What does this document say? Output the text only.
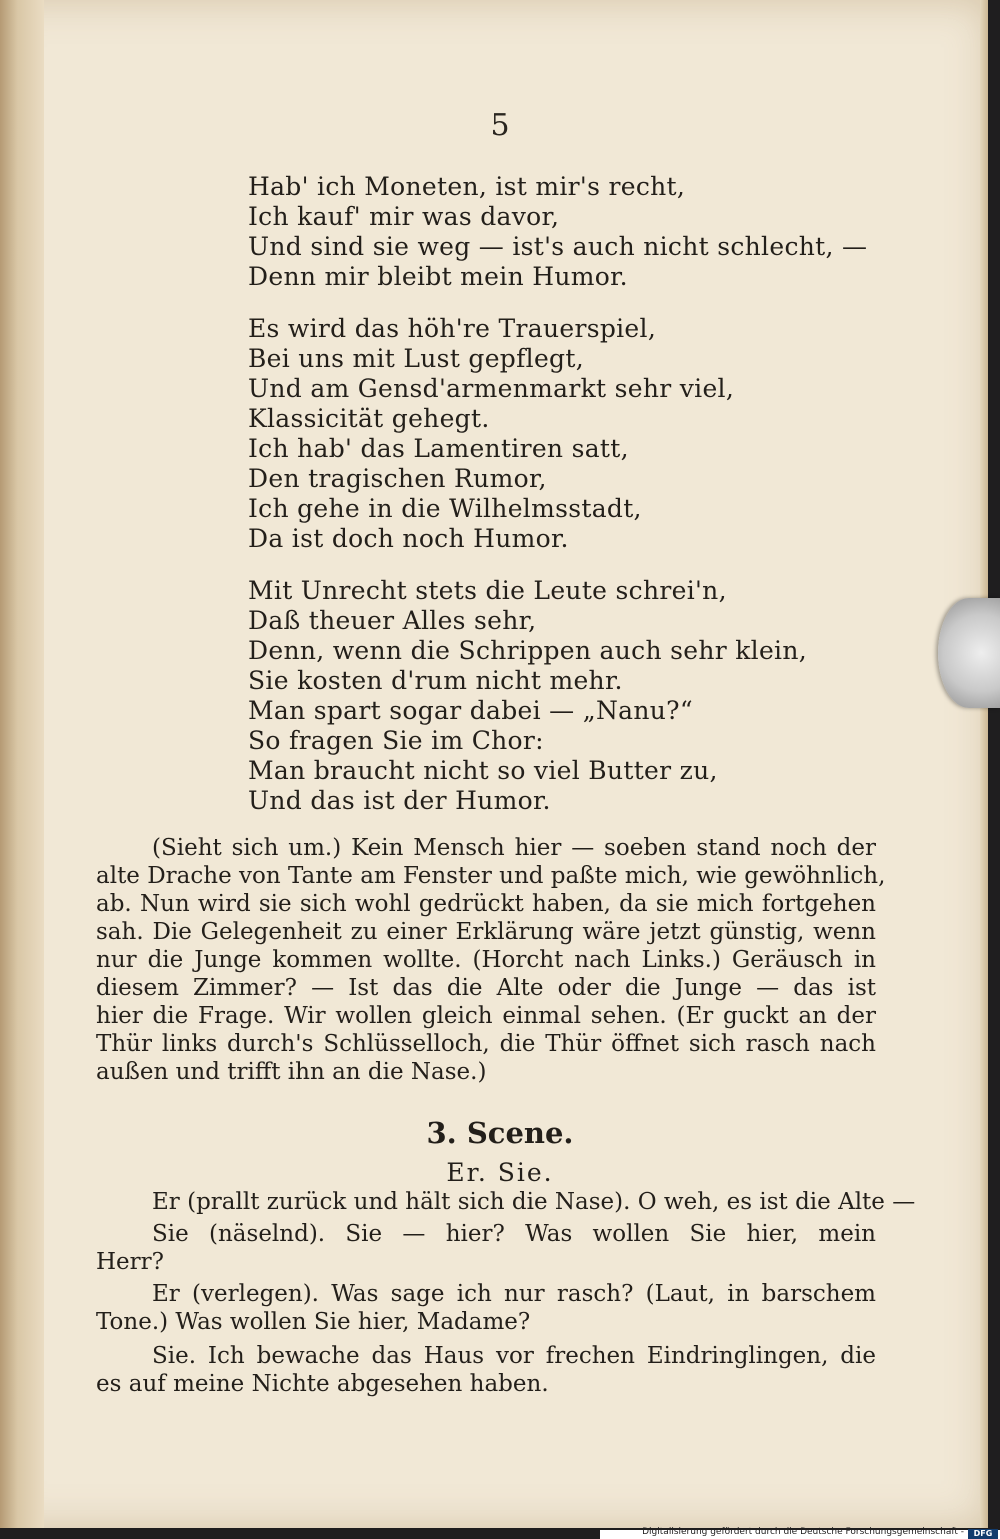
5
Hab' ich Moneten, ist mir's recht,
Ich kauf' mir was davor,
Und sind sie weg — ist's auch nicht schlecht, —
Denn mir bleibt mein Humor.
Es wird das höh're Trauerspiel,
Bei uns mit Lust gepflegt,
Und am Gensd'armenmarkt sehr viel,
Klassicität gehegt.
Ich hab' das Lamentiren satt,
Den tragischen Rumor,
Ich gehe in die Wilhelmsstadt,
Da ist doch noch Humor.
Mit Unrecht stets die Leute schrei'n,
Daß theuer Alles sehr,
Denn, wenn die Schrippen auch sehr klein,
Sie kosten d'rum nicht mehr.
Man spart sogar dabei — „Nanu?“
So fragen Sie im Chor:
Man braucht nicht so viel Butter zu,
Und das ist der Humor.
(Sieht sich um.) Kein Mensch hier — soeben stand noch der
alte Drache von Tante am Fenster und paßte mich, wie gewöhnlich,
ab. Nun wird sie sich wohl gedrückt haben, da sie mich fortgehen
sah. Die Gelegenheit zu einer Erklärung wäre jetzt günstig, wenn
nur die Junge kommen wollte. (Horcht nach Links.) Geräusch in
diesem Zimmer? — Ist das die Alte oder die Junge — das ist
hier die Frage. Wir wollen gleich einmal sehen. (Er guckt an der
Thür links durch's Schlüsselloch, die Thür öffnet sich rasch nach
außen und trifft ihn an die Nase.)
3. Scene.
Er. Sie.
Er (prallt zurück und hält sich die Nase). O weh, es ist die Alte —
Sie (näselnd). Sie — hier? Was wollen Sie hier, mein
Herr?
Er (verlegen). Was sage ich nur rasch? (Laut, in barschem
Tone.) Was wollen Sie hier, Madame?
Sie. Ich bewache das Haus vor frechen Eindringlingen, die
es auf meine Nichte abgesehen haben.
Digitalisierung gefördert durch die Deutsche Forschungsgemeinschaft -	DFG
